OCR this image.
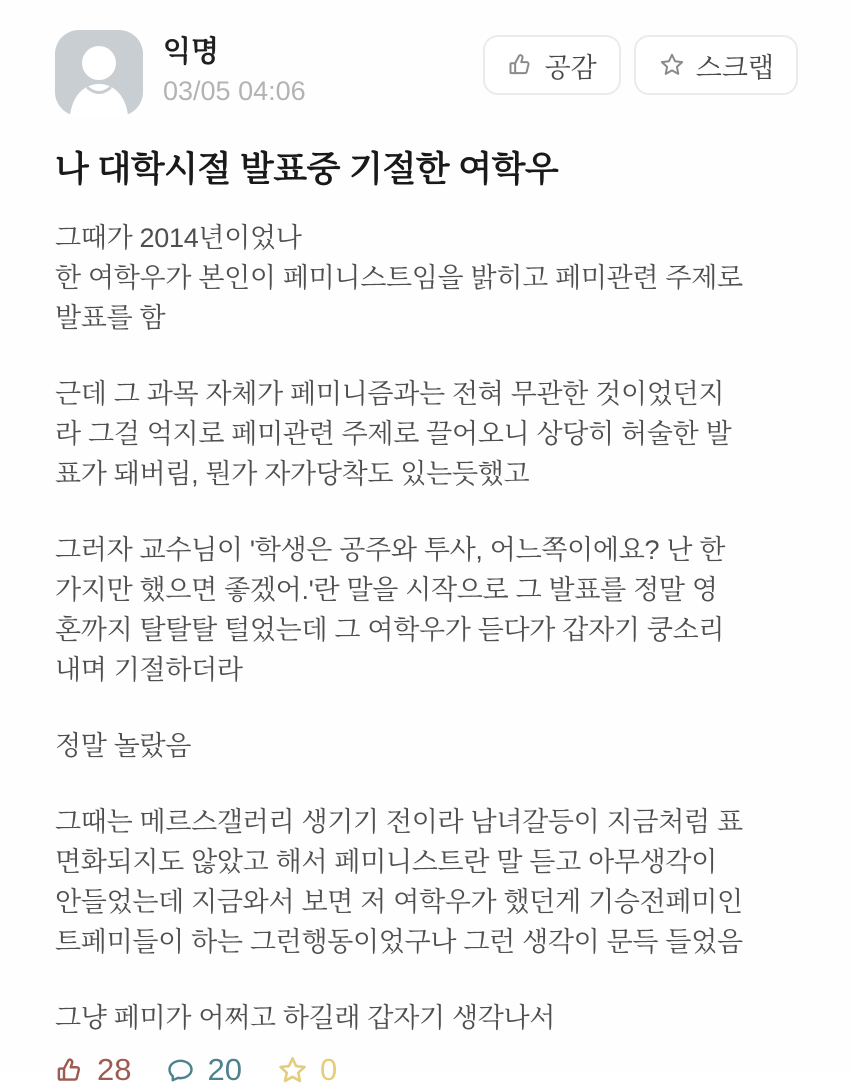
익명
03/05 04:06
공감	스크랩
나 대학시절 발표중 기절한 여학우
그때가 2014년이었나
한 여학우가 본인이 페미니스트임을 밝히고 페미관련 주제로
발표를 함
근데 그 과목 자체가 페미니즘과는 전혀 무관한 것이었던지
라 그걸 억지로 페미관련 주제로 끌어오니 상당히 허술한 발
표가 돼버림, 뭔가 자가당착도 있는듯했고
그러자 교수님이 '학생은 공주와 투사, 어느쪽이에요? 난 한
가지만 했으면 좋겠어.'란 말을 시작으로 그 발표를 정말 영
혼까지 탈탈탈 털었는데 그 여학우가 듣다가 갑자기 쿵소리
내며 기절하더라
정말 놀랐음
그때는 메르스갤러리 생기기 전이라 남녀갈등이 지금처럼 표
면화되지도 않았고 해서 페미니스트란 말 듣고 아무생각이
안들었는데 지금와서 보면 저 여학우가 했던게 기승전페미인
트페미들이 하는 그런행동이었구나 그런 생각이 문득 들었음
그냥 페미가 어쩌고 하길래 갑자기 생각나서
28 20	0
